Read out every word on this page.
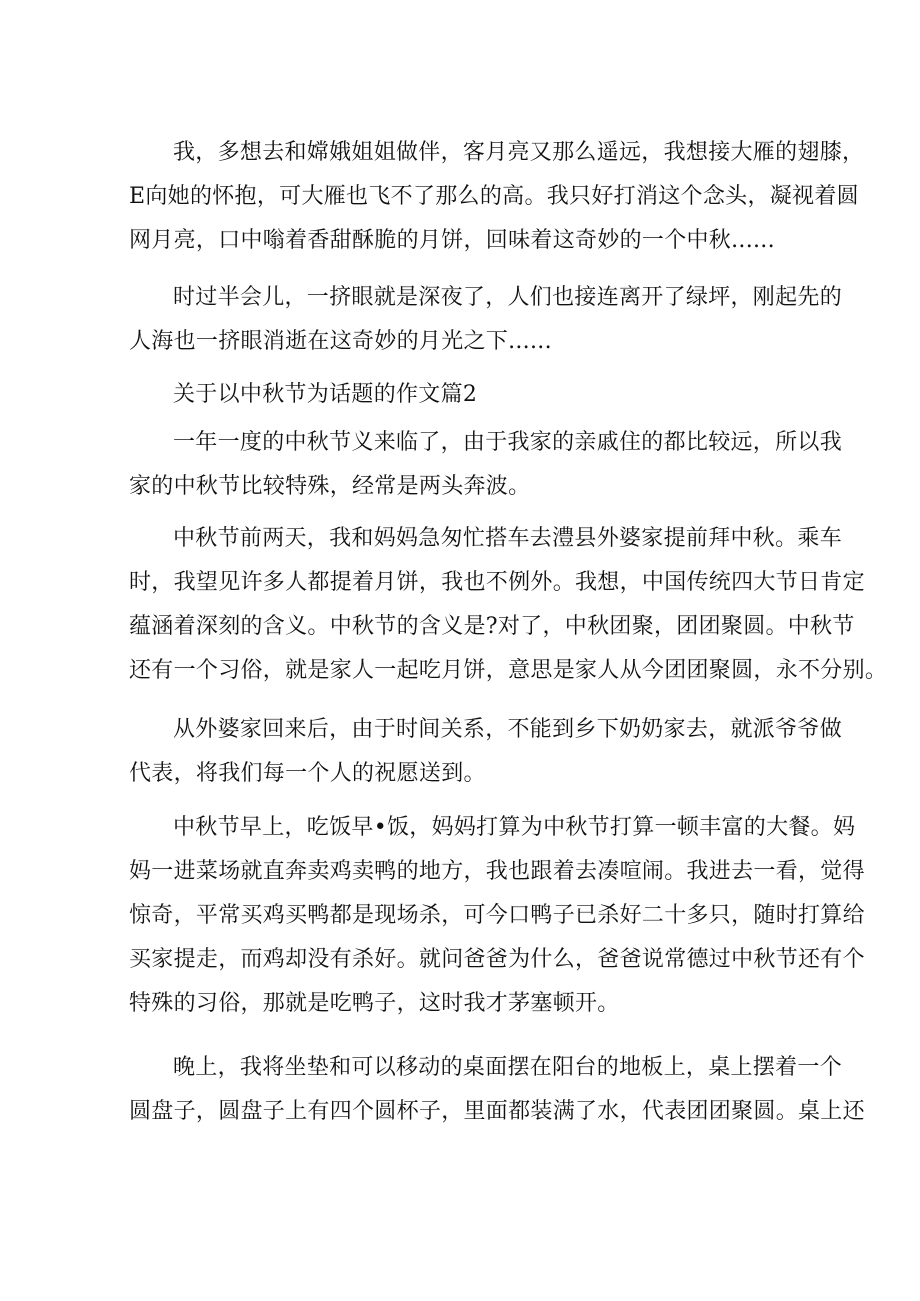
我，多想去和嫦娥姐姐做伴，客月亮又那么遥远，我想接大雁的翅膝，
E向她的怀抱，可大雁也飞不了那么的高。我只好打消这个念头，凝视着圆
网月亮，口中嗡着香甜酥脆的月饼，回味着这奇妙的一个中秋......
时过半会儿，一挤眼就是深夜了，人们也接连离开了绿坪，刚起先的
人海也一挤眼消逝在这奇妙的月光之下......
关于以中秋节为话题的作文篇2
一年一度的中秋节义来临了，由于我家的亲戚住的都比较远，所以我
家的中秋节比较特殊，经常是两头奔波。
中秋节前两天，我和妈妈急匆忙搭车去澧县外婆家提前拜中秋。乘车
时，我望见许多人都提着月饼，我也不例外。我想，中国传统四大节日肯定
蕴涵着深刻的含义。中秋节的含义是?对了，中秋团聚，团团聚圆。中秋节
还有一个习俗，就是家人一起吃月饼，意思是家人从今团团聚圆，永不分别。
从外婆家回来后，由于时间关系，不能到乡下奶奶家去，就派爷爷做
代表，将我们每一个人的祝愿送到。
中秋节早上，吃饭早•饭，妈妈打算为中秋节打算一顿丰富的大餐。妈
妈一进菜场就直奔卖鸡卖鸭的地方，我也跟着去凑喧闹。我进去一看，觉得
惊奇，平常买鸡买鸭都是现场杀，可今口鸭子已杀好二十多只，随时打算给
买家提走，而鸡却没有杀好。就问爸爸为什么，爸爸说常德过中秋节还有个
特殊的习俗，那就是吃鸭子，这时我才茅塞顿开。
晚上，我将坐垫和可以移动的桌面摆在阳台的地板上，桌上摆着一个
圆盘子，圆盘子上有四个圆杯子，里面都装满了水，代表团团聚圆。桌上还
